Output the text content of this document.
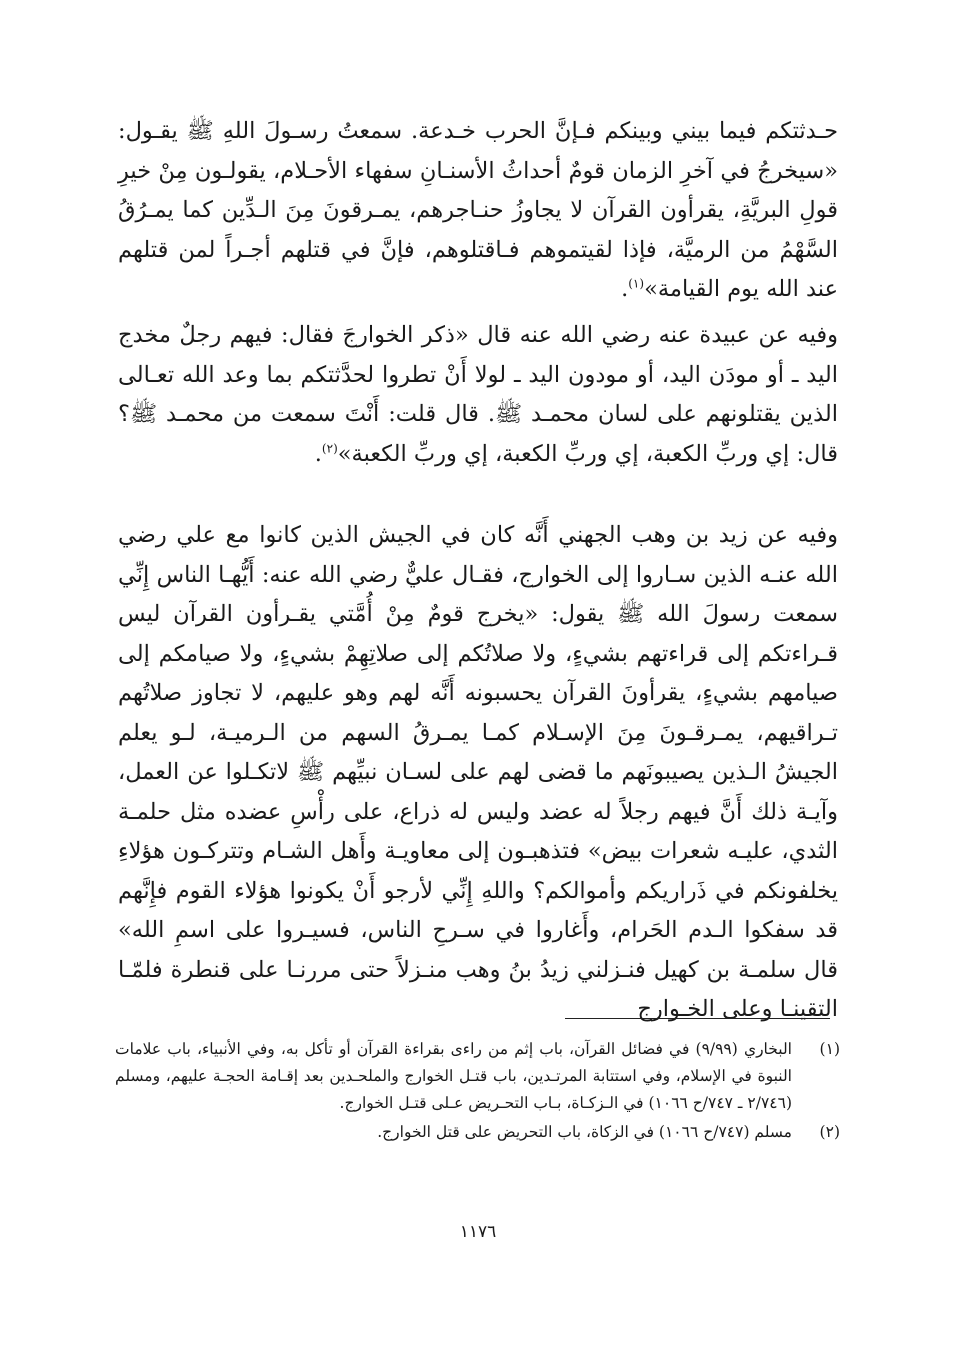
حـدثتكم فيما بيني وبينكم فـإنَّ الحرب خـدعة. سمعتُ رسـولَ اللهِ ﷺ يقـول: «سيخرجُ في آخرِ الزمان قومٌ أحداثُ الأسنـانِ سفهاء الأحـلام، يقولـون مِنْ خيرِ قولِ البريَّةِ، يقرأون القرآن لا يجاوزُ حنـاجرهم، يمـرقونَ مِنَ الـدِّين كما يمـرُقُ السَّهْمُ من الرميَّة، فإذا لقيتموهم فـاقتلوهم، فإنَّ في قتلهم أجـراً لمن قتلهم عند الله يوم القيامة»$^{(١)}$.

وفيه عن عبيدة عنه رضي الله عنه قال «ذكر الخوارجَ فقال: فيهم رجلٌ مخدج اليد ـ أو مودَن اليد، أو مودون اليد ـ لولا أَنْ تطروا لحدَّثتكم بما وعد الله تعـالى الذين يقتلونهم على لسان محمـد ﷺ. قال قلت: أَنْتَ سمعت من محمـد ﷺ؟ قال: إي وربِّ الكعبة، إي وربِّ الكعبة، إي وربِّ الكعبة»$^{(٢)}$.

وفيه عن زيد بن وهب الجهني أَنَّه كان في الجيش الذين كانوا مع علي رضي الله عنـه الذين سـاروا إلى الخوارج، فقـال عليٌّ رضي الله عنه: أَيُّهـا الناس إِنِّي سمعت رسولَ الله ﷺ يقول: «يخرج قومٌ مِنْ أُمَّتي يقـرأون القرآن ليس قـراءتكم إلى قراءتهم بشيءٍ، ولا صلاتُكم إلى صلاتِهِمْ بشيءٍ، ولا صيامكم إلى صيامهم بشيءٍ، يقرأونَ القرآن يحسبونه أَنَّه لهم وهو عليهم، لا تجاوز صلاتُهم تـراقيهم، يمـرقـونَ مِنَ الإسـلام كمـا يمـرقُ السهم من الـرميـة، لـو يعلم الجيشُ الـذين يصيبونَهم ما قضى لهم على لسـان نبيِّهم ﷺ لاتكـلوا عن العمل، وآيـة ذلك أَنَّ فيهم رجلاً له عضد وليس له ذراع، على رأْسِ عضده مثل حلمـة الثدي، عليـه شعرات بيض» فتذهبـون إلى معاويـة وأَهل الشـام وتتركـون هؤلاءِ يخلفونكم في ذَراريكم وأموالكم؟ واللهِ إِنِّي لأرجو أَنْ يكونوا هؤلاء القوم فإِنَّهم قد سفكوا الـدم الحَرام، وأَغاروا في سـرحِ الناس، فسيـروا على اسمِ الله» قال سلمـة بن كهيل فنـزلني زيدُ بنُ وهب منـزلاً حتى مررنـا على قنطرة فلمّـا التقينـا وعلى الخـوارج

(١)
البخاري (٩/٩٩) في فضائل القرآن، باب إثم من راءى بقراءة القرآن أو تأكل به، وفي الأنبياء، باب علامات النبوة في الإسلام، وفي استتابة المرتـدين، باب قتـل الخوارج والملحـدين بعد إقـامة الحجـة عليهم، ومسلم (٢/٧٤٦ ـ ٧٤٧/ح ١٠٦٦) في الـزكـاة، بـاب التحـريض عـلى قتـل الخوارج.
(٢)
مسلم (٧٤٧/ح ١٠٦٦) في الزكاة، باب التحريض على قتل الخوارج.
١١٧٦
